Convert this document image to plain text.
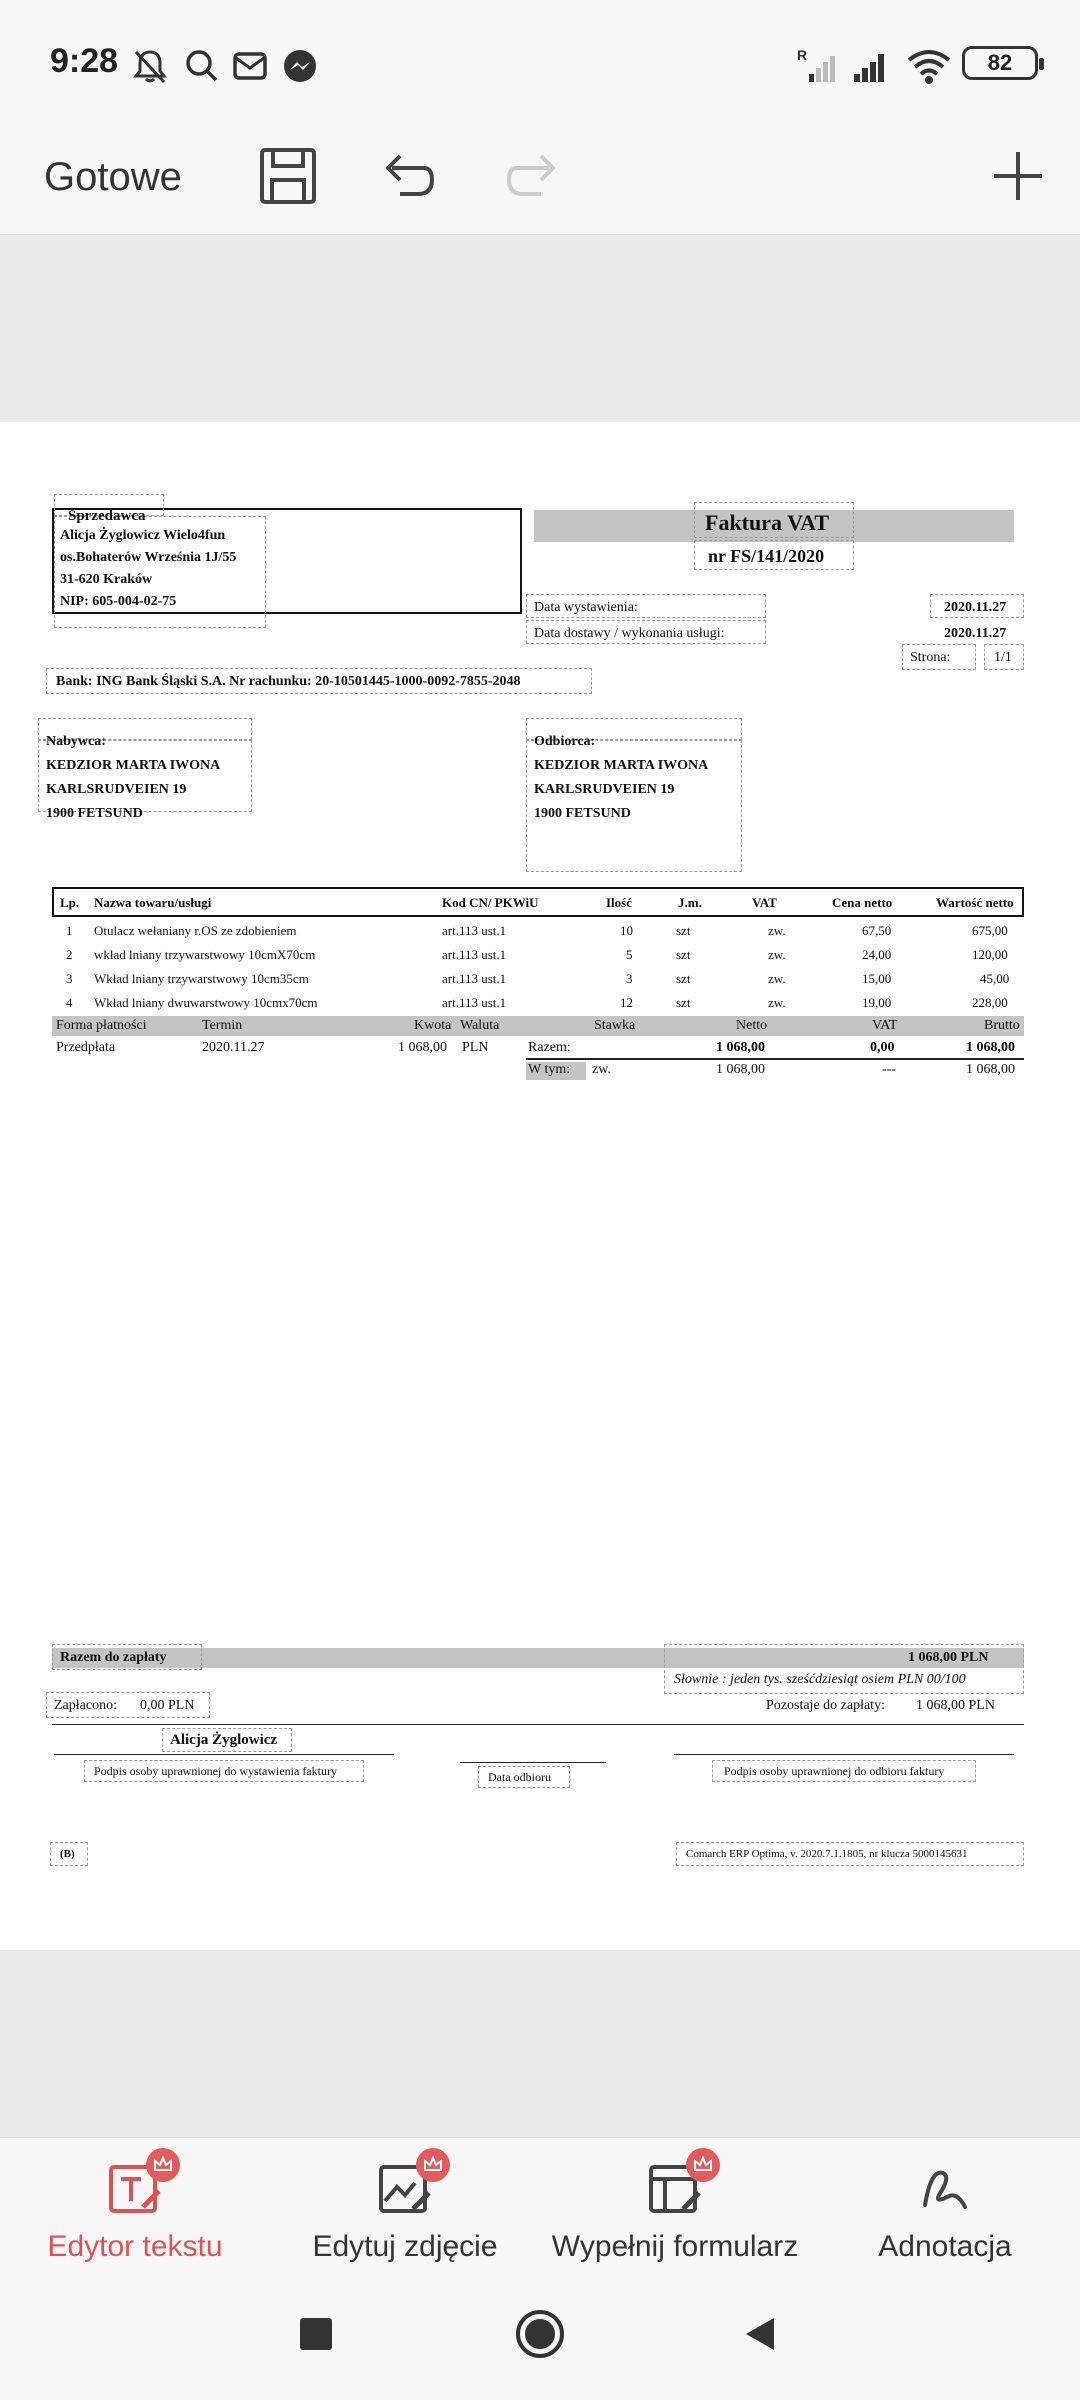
9:28	R	82
Gotowe
Sprzedawca
Alicja Żyglowicz Wielo4fun
os.Bohaterów Września 1J/55
31-620 Kraków
NIP: 605-004-02-75
Faktura VAT
nr FS/141/2020
Data wystawienia:	2020.11.27
Data dostawy / wykonania usługi:	2020.11.27
Strona:	1/1
Bank: ING Bank Śląski S.A. Nr rachunku: 20-10501445-1000-0092-7855-2048
Nabywca:
KEDZIOR MARTA IWONA
KARLSRUDVEIEN 19
1900 FETSUND
Odbiorca:
KEDZIOR MARTA IWONA
KARLSRUDVEIEN 19
1900 FETSUND
Lp. Nazwa towaru/usługi	Kod CN/ PKWiU	Ilość	J.m.	VAT	Cena netto	Wartość netto
1 Otulacz wełaniany r.OS ze zdobieniem	art.113 ust.1	10	szt	zw.	67,50	675,00
2 wkład lniany trzywarstwowy 10cmX70cm	art.113 ust.1	5	szt	zw.	24,00	120,00
3 Wkład lniany trzywarstwowy 10cm35cm	art.113 ust.1	3	szt	zw.	15,00	45,00
4 Wkład lniany dwuwarstwowy 10cmx70cm	art.113 ust.1	12	szt	zw.	19,00	228,00
Forma płatności	Termin	Kwota Waluta	Stawka	Netto	VAT	Brutto
Przedpłata	2020.11.27	1 068,00 PLN	Razem:	1 068,00	0,00	1 068,00
W tym: zw.	1 068,00	---	1 068,00
Razem do zapłaty	1 068,00 PLN
Słownie : jeden tys. sześćdziesiąt osiem PLN 00/100
Zapłacono: 0,00 PLN	Pozostaje do zapłaty: 1 068,00 PLN
Alicja Żyglowicz
Podpis osoby uprawnionej do wystawienia faktury	Data odbioru	Podpis osoby uprawnionej do odbioru faktury
(B)	Comarch ERP Optima, v. 2020.7.1.1805, nr klucza 5000145631
Edytor tekstu	Edytuj zdjęcie Wypełnij formularz	Adnotacja
